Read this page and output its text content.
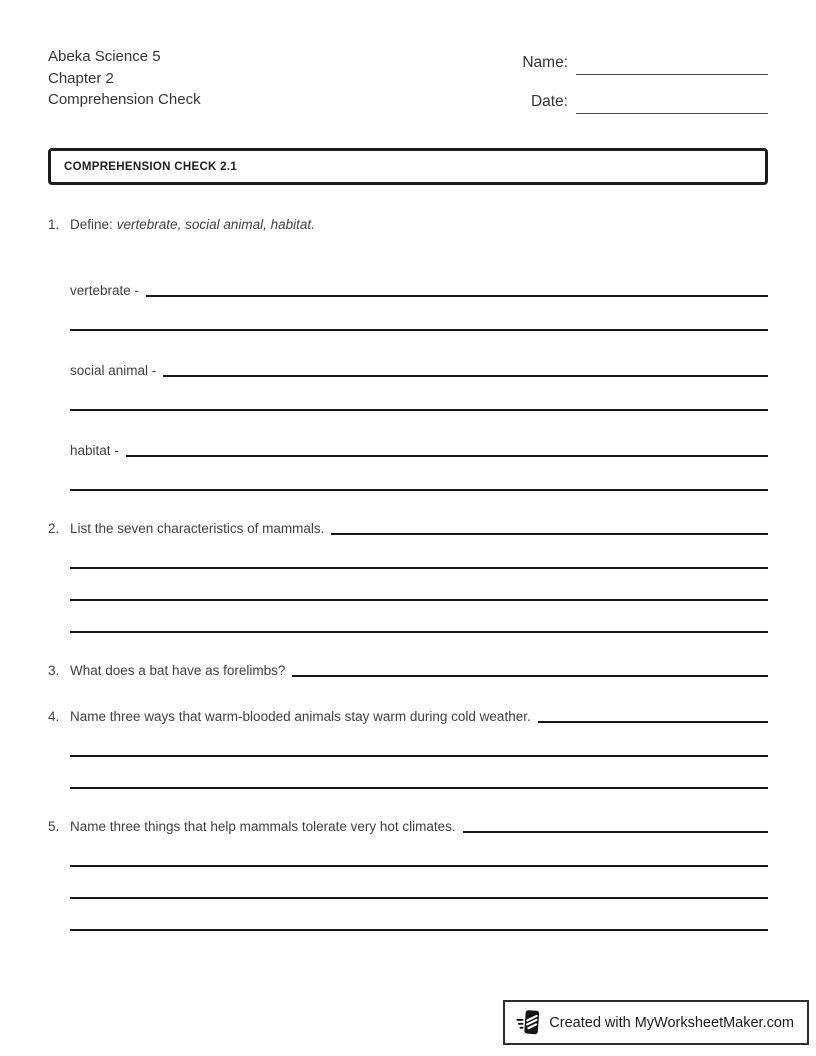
Abeka Science 5
Chapter 2
Comprehension Check
Name:
Date:
COMPREHENSION CHECK 2.1
1. Define: vertebrate, social animal, habitat.
vertebrate -
social animal -
habitat -
2. List the seven characteristics of mammals.
3. What does a bat have as forelimbs?
4. Name three ways that warm-blooded animals stay warm during cold weather.
5. Name three things that help mammals tolerate very hot climates.
Created with MyWorksheetMaker.com
